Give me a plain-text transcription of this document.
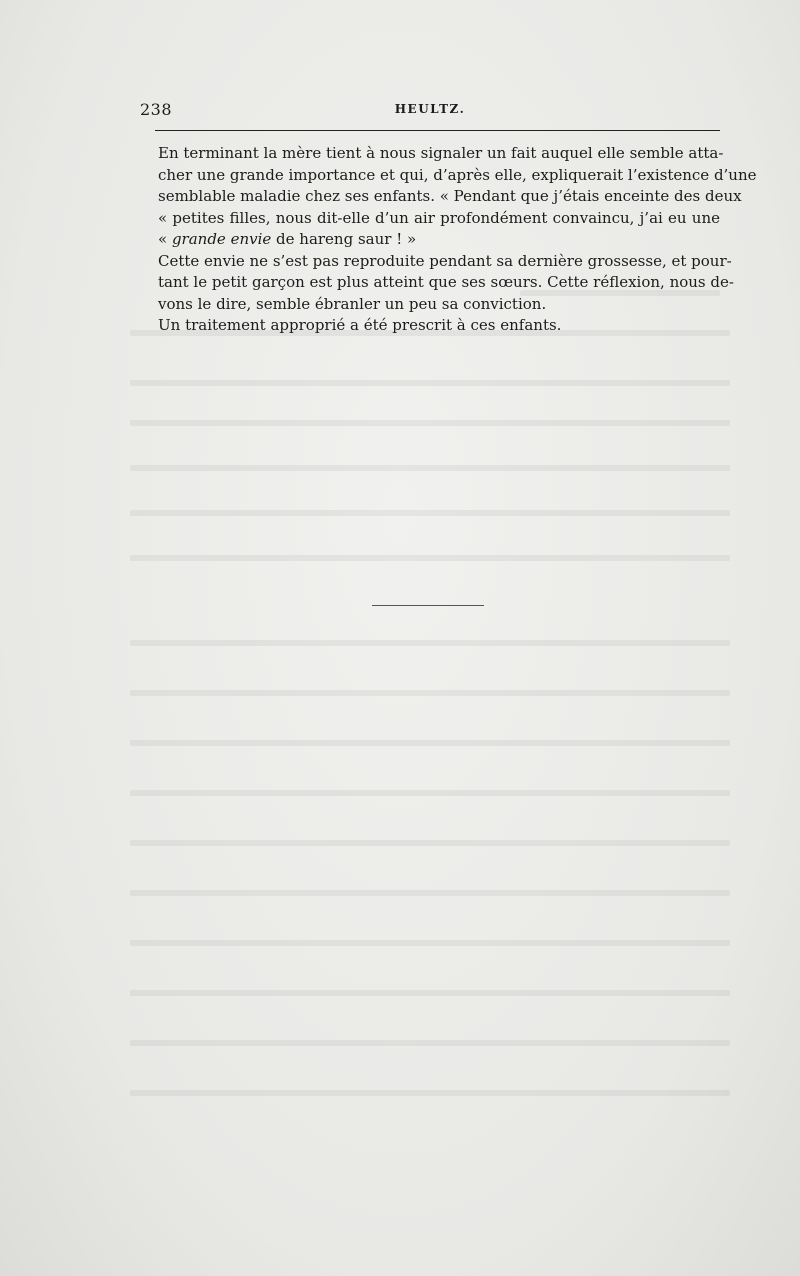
238	HEULTZ.

En terminant la mère tient à nous signaler un fait auquel elle semble atta-
cher une grande importance et qui, d’après elle, expliquerait l’existence d’une
semblable maladie chez ses enfants. « Pendant que j’étais enceinte des deux
« petites filles, nous dit-elle d’un air profondément convaincu, j’ai eu une
« grande envie de hareng saur ! »

Cette envie ne s’est pas reproduite pendant sa dernière grossesse, et pour-
tant le petit garçon est plus atteint que ses sœurs. Cette réflexion, nous de-
vons le dire, semble ébranler un peu sa conviction.

Un traitement approprié a été prescrit à ces enfants.
